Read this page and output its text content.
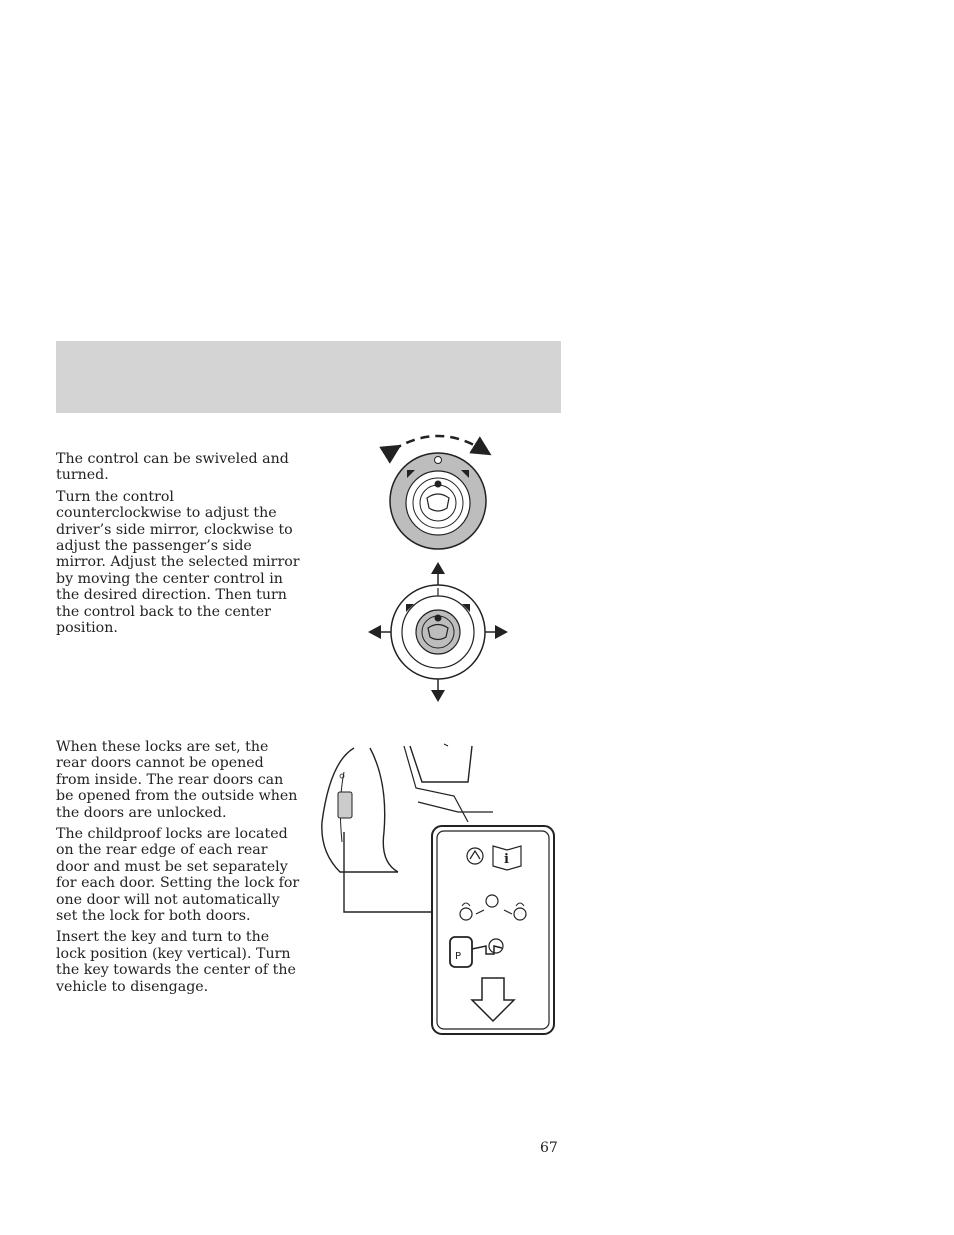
The control can be swiveled and turned.

Turn the control counterclockwise to adjust the driver’s side mirror, clockwise to adjust the passenger’s side mirror. Adjust the selected mirror by moving the center control in the desired direction. Then turn the control back to the center position.

When these locks are set, the rear doors cannot be opened from inside. The rear doors can be opened from the outside when the doors are unlocked.

The childproof locks are located on the rear edge of each rear door and must be set separately for each door. Setting the lock for one door will not automatically set the lock for both doors.

Insert the key and turn to the lock position (key vertical). Turn the key towards the center of the vehicle to disengage.

i
P
67
